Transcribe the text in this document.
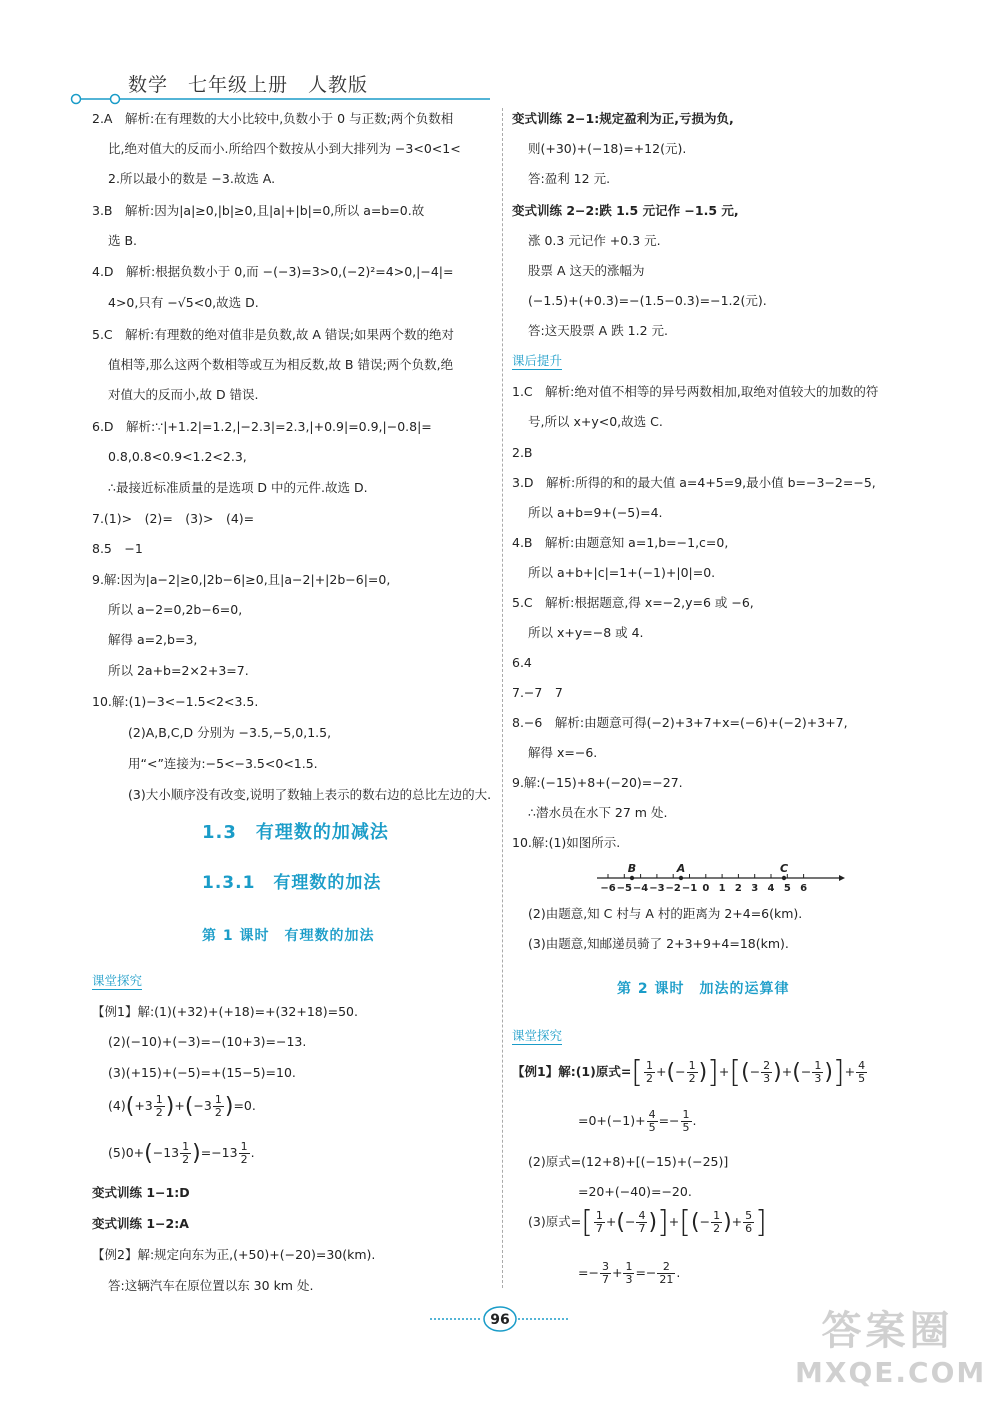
数学　七年级上册　人教版
2.A　解析:在有理数的大小比较中,负数小于 0 与正数;两个负数相
比,绝对值大的反而小.所给四个数按从小到大排列为 −3<0<1<
2.所以最小的数是 −3.故选 A.
3.B　解析:因为|a|≥0,|b|≥0,且|a|+|b|=0,所以 a=b=0.故
选 B.
4.D　解析:根据负数小于 0,而 −(−3)=3>0,(−2)²=4>0,|−4|=
4>0,只有 −√5<0,故选 D.
5.C　解析:有理数的绝对值非是负数,故 A 错误;如果两个数的绝对
值相等,那么这两个数相等或互为相反数,故 B 错误;两个负数,绝
对值大的反而小,故 D 错误.
6.D　解析:∵|+1.2|=1.2,|−2.3|=2.3,|+0.9|=0.9,|−0.8|=
0.8,0.8<0.9<1.2<2.3,
∴最接近标准质量的是选项 D 中的元件.故选 D.
7.(1)>　(2)=　(3)>　(4)=
8.5　−1
9.解:因为|a−2|≥0,|2b−6|≥0,且|a−2|+|2b−6|=0,
所以 a−2=0,2b−6=0,
解得 a=2,b=3,
所以 2a+b=2×2+3=7.
10.解:(1)−3<−1.5<2<3.5.
(2)A,B,C,D 分别为 −3.5,−5,0,1.5,
用“<”连接为:−5<−3.5<0<1.5.
(3)大小顺序没有改变,说明了数轴上表示的数右边的总比左边的大.
1.3　有理数的加减法
1.3.1　有理数的加法
第 1 课时　有理数的加法
课堂探究
【例1】解:(1)(+32)+(+18)=+(32+18)=50.
(2)(−10)+(−3)=−(10+3)=−13.
(3)(+15)+(−5)=+(15−5)=10.
$(4)(+3 \frac{1}{2} )+(-3 \frac{1}{2} )=0$.
$(5)0+(-13 \frac{1}{2} )=-13 \frac{1}{2}$ .
变式训练 1−1:D
变式训练 1−2:A
【例2】解:规定向东为正,(+50)+(−20)=30(km).
答:这辆汽车在原位置以东 30 km 处.
变式训练 2−1:规定盈利为正,亏损为负,
则(+30)+(−18)=+12(元).
答:盈利 12 元.
变式训练 2−2:跌 1.5 元记作 −1.5 元,
涨 0.3 元记作 +0.3 元.
股票 A 这天的涨幅为
(−1.5)+(+0.3)=−(1.5−0.3)=−1.2(元).
答:这天股票 A 跌 1.2 元.
课后提升
1.C　解析:绝对值不相等的异号两数相加,取绝对值较大的加数的符
号,所以 x+y<0,故选 C.
2.B
3.D　解析:所得的和的最大值 a=4+5=9,最小值 b=−3−2=−5,
所以 a+b=9+(−5)=4.
4.B　解析:由题意知 a=1,b=−1,c=0,
所以 a+b+|c|=1+(−1)+|0|=0.
5.C　解析:根据题意,得 x=−2,y=6 或 −6,
所以 x+y=−8 或 4.
6.4
7.−7　7
8.−6　解析:由题意可得(−2)+3+7+x=(−6)+(−2)+3+7,
解得 x=−6.
9.解:(−15)+8+(−20)=−27.
∴潜水员在水下 27 m 处.
10.解:(1)如图所示.
(2)由题意,知 C 村与 A 村的距离为 2+4=6(km).
(3)由题意,知邮递员骑了 2+3+9+4=18(km).
第 2 课时　加法的运算律
课堂探究
【例1】解:(1)原式=[ $\frac{1}{2}$ +(− $\frac{1}{2}$ )]+[(− $\frac{2}{3}$ )+(− $\frac{1}{3}$ )]+ $\frac{4}{5}$
$=0+(-1)+ \frac{4}{5} =- \frac{1}{5}$ .
(2)原式=(12+8)+[(−15)+(−25)]
=20+(−40)=−20.
(3)原式=[ $\frac{1}{7}$ +(− $\frac{4}{7}$ )]+[(− $\frac{1}{2}$ )+ $\frac{5}{6}$ ]
=− $\frac{3}{7} + \frac{1}{3} =- \frac{2}{21}$ .
−6 −5 −4 −3 −2 −1 0 1 2 3 4 5 6
B	A	C
96	答案圈
MXQE.COM
